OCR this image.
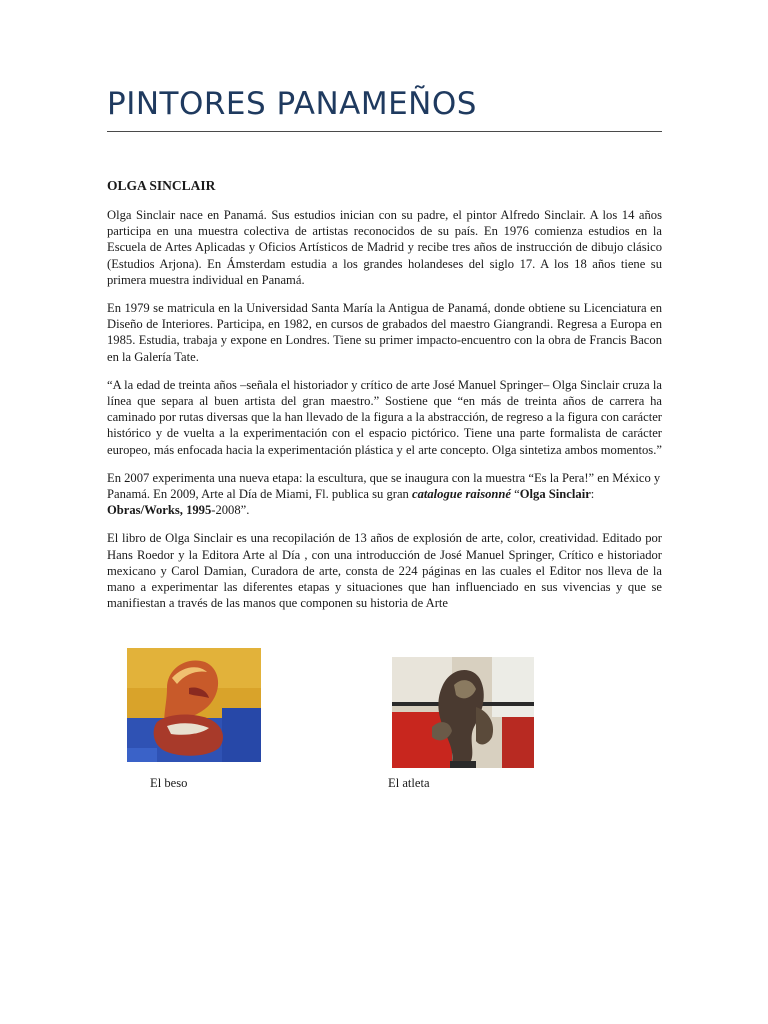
PINTORES PANAMEÑOS
OLGA SINCLAIR

Olga Sinclair nace en Panamá. Sus estudios inician con su padre, el pintor Alfredo Sinclair. A los 14 años participa en una muestra colectiva de artistas reconocidos de su país. En 1976 comienza estudios en la Escuela de Artes Aplicadas y Oficios Artísticos de Madrid y recibe tres años de instrucción de dibujo clásico (Estudios Arjona). En Ámsterdam estudia a los grandes holandeses del siglo 17. A los 18 años tiene su primera muestra individual en Panamá.

En 1979 se matricula en la Universidad Santa María la Antigua de Panamá, donde obtiene su Licenciatura en Diseño de Interiores. Participa, en 1982, en cursos de grabados del maestro Giangrandi. Regresa a Europa en 1985. Estudia, trabaja y expone en Londres. Tiene su primer impacto-encuentro con la obra de Francis Bacon en la Galería Tate.

“A la edad de treinta años –señala el historiador y crítico de arte José Manuel Springer– Olga Sinclair cruza la línea que separa al buen artista del gran maestro.” Sostiene que “en más de treinta años de carrera ha caminado por rutas diversas que la han llevado de la figura a la abstracción, de regreso a la figura con carácter histórico y de vuelta a la experimentación con el espacio pictórico. Tiene una parte formalista de carácter europeo, más enfocada hacia la experimentación plástica y el arte concepto. Olga sintetiza ambos momentos.”

En 2007 experimenta una nueva etapa: la escultura, que se inaugura con la muestra “Es la Pera!” en México y Panamá. En 2009, Arte al Día de Miami, Fl. publica su gran catalogue raisonné “Olga Sinclair: Obras/Works, 1995-2008”.

El libro de Olga Sinclair es una recopilación de 13 años de explosión de arte, color, creatividad. Editado por Hans Roedor y la Editora Arte al Día , con una introducción de José Manuel Springer, Crítico e historiador mexicano y Carol Damian, Curadora de arte, consta de 224 páginas en las cuales el Editor nos lleva de la mano a experimentar las diferentes etapas y situaciones que han influenciado en sus vivencias y que se manifiestan a través de las manos que componen su historia de Arte

El beso	El atleta
